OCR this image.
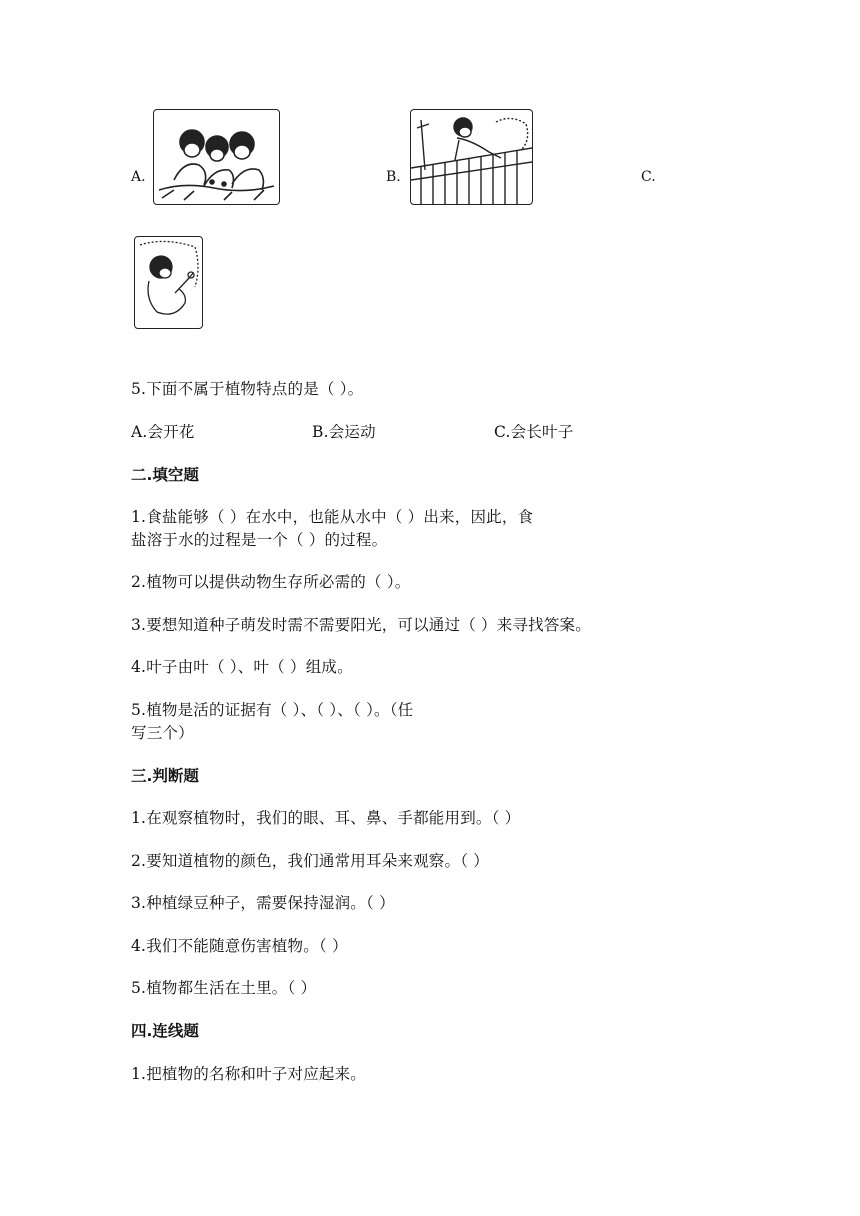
A.	B.	C.
5.下面不属于植物特点的是（ ）。
A.会开花	B.会运动	C.会长叶子
二.填空题
1.食盐能够（ ）在水中，也能从水中（ ）出来，因此，食
盐溶于水的过程是一个（ ）的过程。
2.植物可以提供动物生存所必需的（ ）。
3.要想知道种子萌发时需不需要阳光，可以通过（ ）来寻找答案。
4.叶子由叶（ ）、叶（ ）组成。
5.植物是活的证据有（ ）、（ ）、（ ）。（任
写三个）
三.判断题
1.在观察植物时，我们的眼、耳、鼻、手都能用到。（ ）
2.要知道植物的颜色，我们通常用耳朵来观察。（ ）
3.种植绿豆种子，需要保持湿润。（ ）
4.我们不能随意伤害植物。（ ）
5.植物都生活在土里。（ ）
四.连线题
1.把植物的名称和叶子对应起来。
